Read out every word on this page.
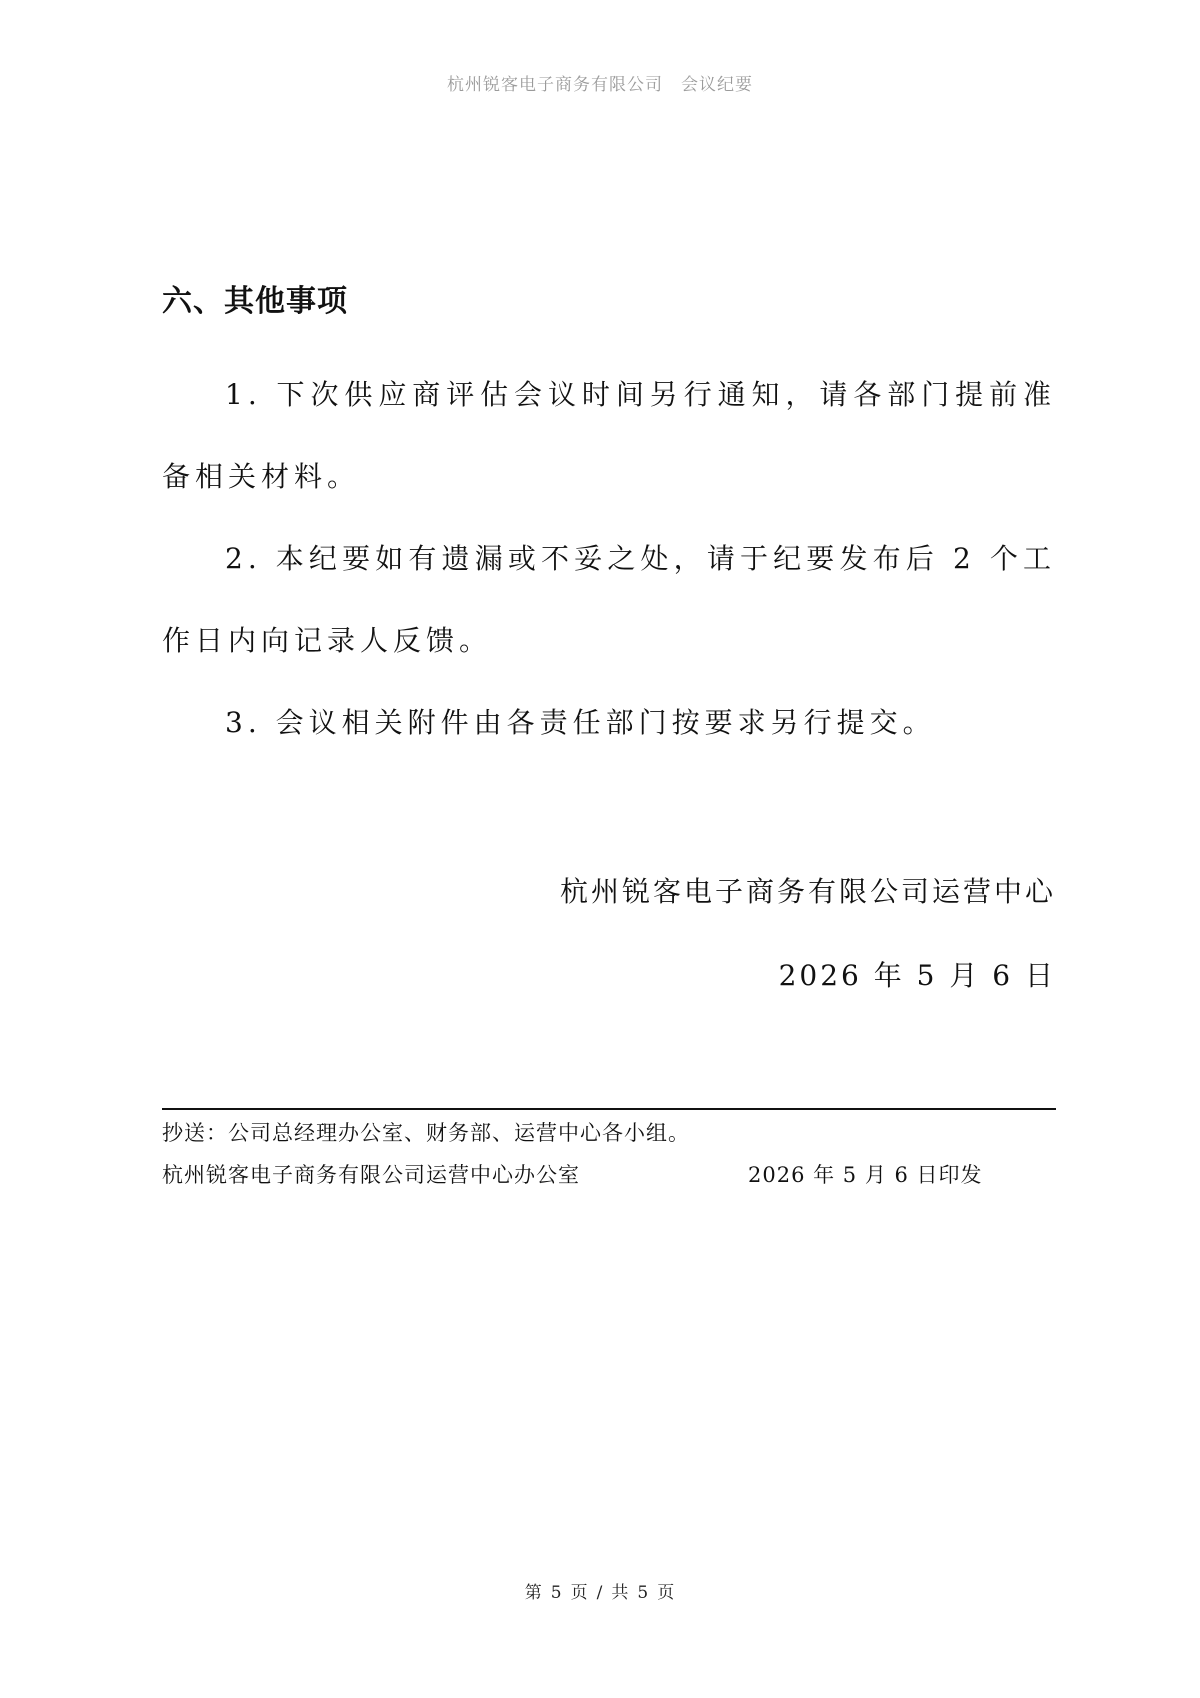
杭州锐客电子商务有限公司 会议纪要
六、其他事项
1. 下次供应商评估会议时间另行通知，请各部门提前准备相关材料。
2. 本纪要如有遗漏或不妥之处，请于纪要发布后 2 个工作日内向记录人反馈。
3. 会议相关附件由各责任部门按要求另行提交。
杭州锐客电子商务有限公司运营中心
2026 年 5 月 6 日
抄送：公司总经理办公室、财务部、运营中心各小组。
杭州锐客电子商务有限公司运营中心办公室	2026 年 5 月 6 日印发
第 5 页 / 共 5 页
